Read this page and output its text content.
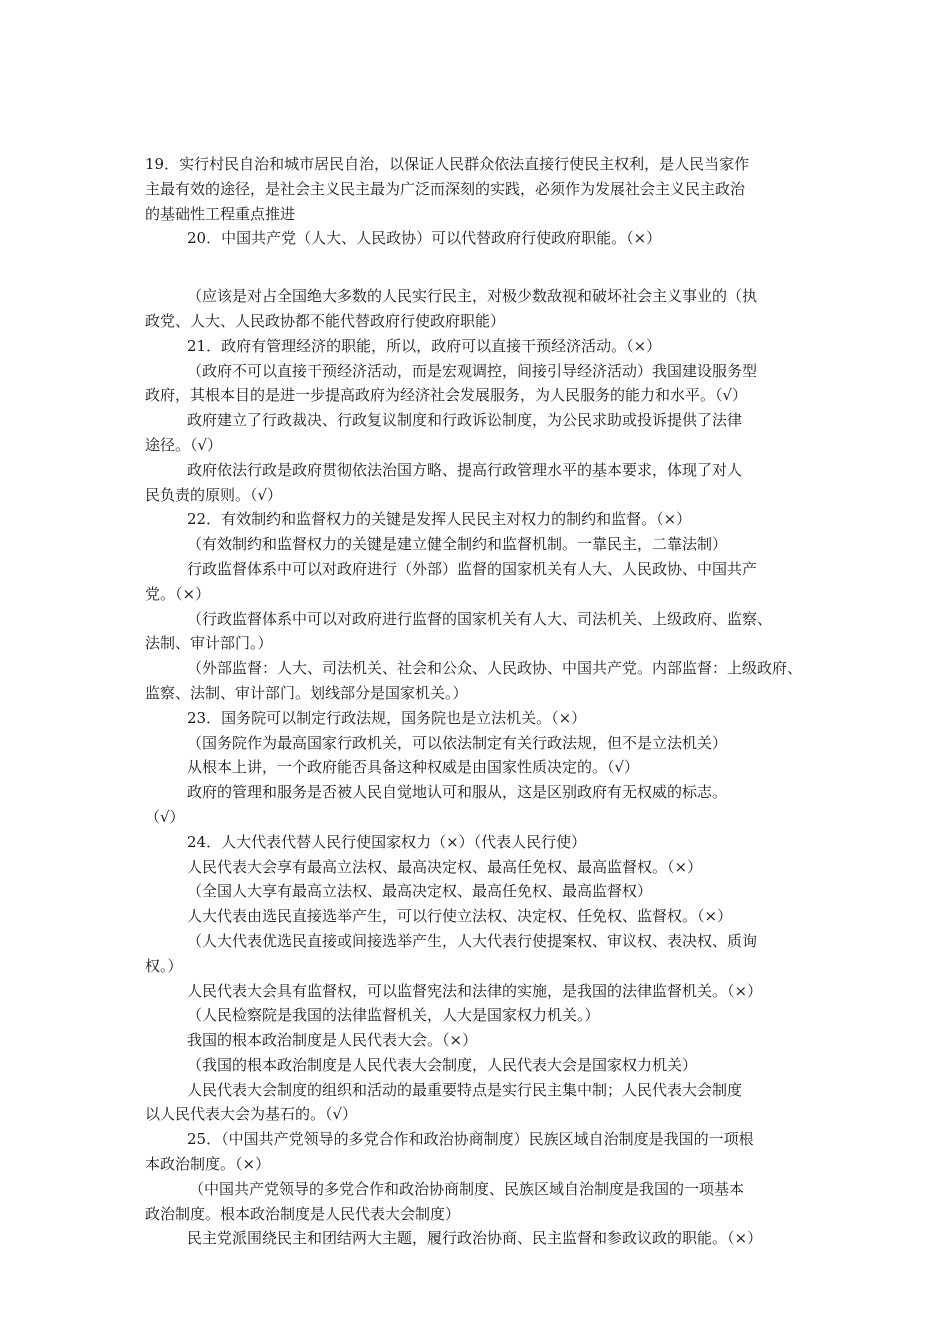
19．实行村民自治和城市居民自治，以保证人民群众依法直接行使民主权利，是人民当家作

主最有效的途径，是社会主义民主最为广泛而深刻的实践，必须作为发展社会主义民主政治

的基础性工程重点推进

20．中国共产党（人大、人民政协）可以代替政府行使政府职能。（×）

（应该是对占全国绝大多数的人民实行民主，对极少数敌视和破坏社会主义事业的（执

政党、人大、人民政协都不能代替政府行使政府职能）

21．政府有管理经济的职能，所以，政府可以直接干预经济活动。（×）

（政府不可以直接干预经济活动，而是宏观调控，间接引导经济活动）我国建设服务型

政府，其根本目的是进一步提高政府为经济社会发展服务，为人民服务的能力和水平。（√）

政府建立了行政裁决、行政复议制度和行政诉讼制度，为公民求助或投诉提供了法律

途径。（√）

政府依法行政是政府贯彻依法治国方略、提高行政管理水平的基本要求，体现了对人

民负责的原则。（√）

22．有效制约和监督权力的关键是发挥人民民主对权力的制约和监督。（×）

（有效制约和监督权力的关键是建立健全制约和监督机制。一靠民主，二靠法制）

行政监督体系中可以对政府进行（外部）监督的国家机关有人大、人民政协、中国共产

党。（×）

（行政监督体系中可以对政府进行监督的国家机关有人大、司法机关、上级政府、监察、

法制、审计部门。）

（外部监督：人大、司法机关、社会和公众、人民政协、中国共产党。内部监督：上级政府、

监察、法制、审计部门。划线部分是国家机关。）

23．国务院可以制定行政法规，国务院也是立法机关。（×）

（国务院作为最高国家行政机关，可以依法制定有关行政法规，但不是立法机关）

从根本上讲，一个政府能否具备这种权威是由国家性质决定的。（√）

政府的管理和服务是否被人民自觉地认可和服从，这是区别政府有无权威的标志。

（√）

24．人大代表代替人民行使国家权力（×）（代表人民行使）

人民代表大会享有最高立法权、最高决定权、最高任免权、最高监督权。（×）

（全国人大享有最高立法权、最高决定权、最高任免权、最高监督权）

人大代表由选民直接选举产生，可以行使立法权、决定权、任免权、监督权。（×）

（人大代表优选民直接或间接选举产生，人大代表行使提案权、审议权、表决权、质询

权。）

人民代表大会具有监督权，可以监督宪法和法律的实施，是我国的法律监督机关。（×）

（人民检察院是我国的法律监督机关，人大是国家权力机关。）

我国的根本政治制度是人民代表大会。（×）

（我国的根本政治制度是人民代表大会制度，人民代表大会是国家权力机关）

人民代表大会制度的组织和活动的最重要特点是实行民主集中制；人民代表大会制度

以人民代表大会为基石的。（√）

25．（中国共产党领导的多党合作和政治协商制度）民族区域自治制度是我国的一项根

本政治制度。（×）

（中国共产党领导的多党合作和政治协商制度、民族区域自治制度是我国的一项基本

政治制度。根本政治制度是人民代表大会制度）

民主党派围绕民主和团结两大主题，履行政治协商、民主监督和参政议政的职能。（×）
